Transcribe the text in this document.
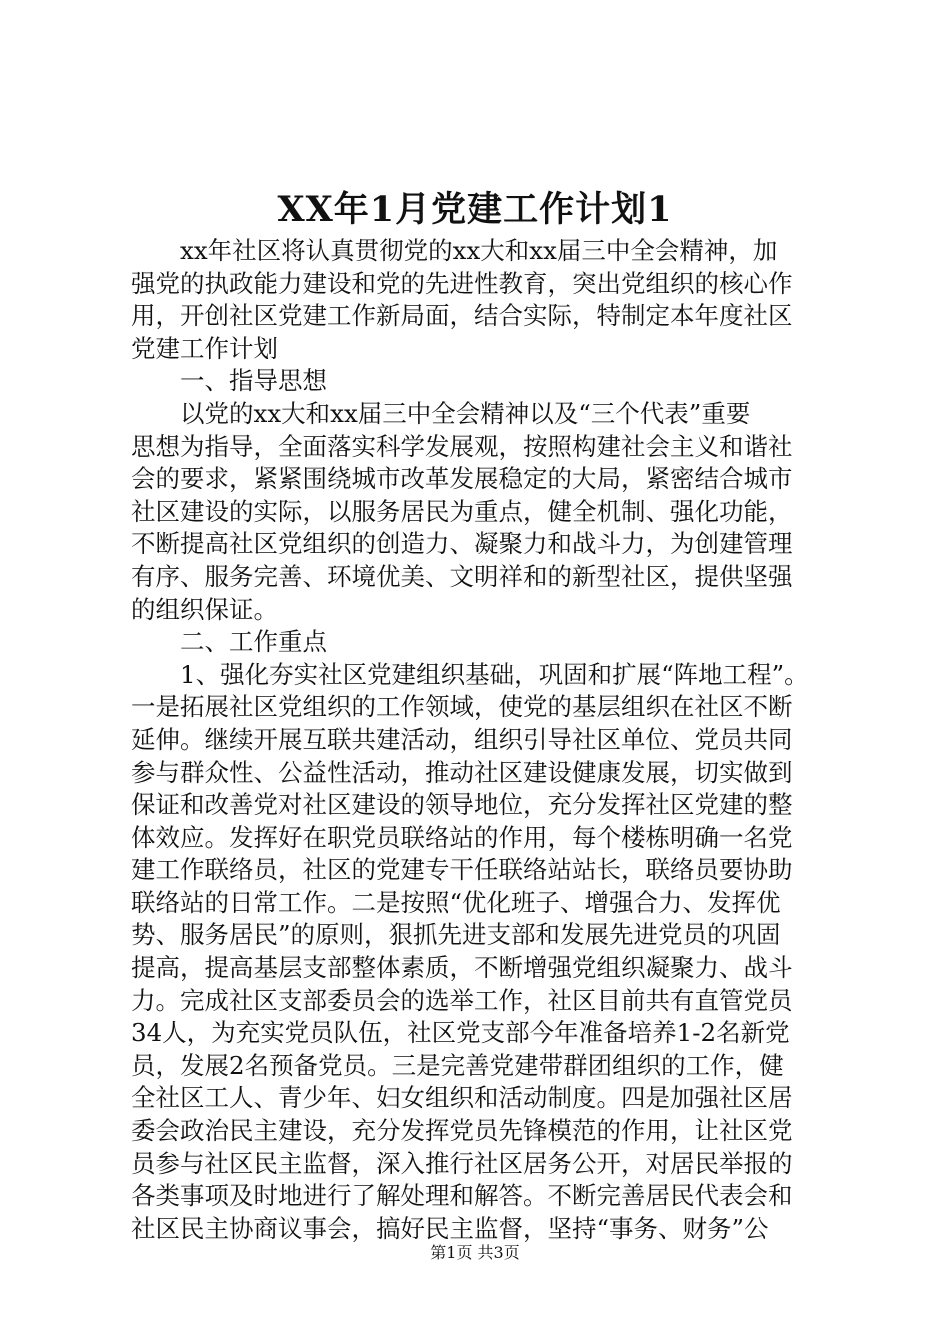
XX年1月党建工作计划1
　　xx年社区将认真贯彻党的xx大和xx届三中全会精神，加
强党的执政能力建设和党的先进性教育，突出党组织的核心作
用，开创社区党建工作新局面，结合实际，特制定本年度社区
党建工作计划
　　一、指导思想
　　以党的xx大和xx届三中全会精神以及“三个代表”重要
思想为指导，全面落实科学发展观，按照构建社会主义和谐社
会的要求，紧紧围绕城市改革发展稳定的大局，紧密结合城市
社区建设的实际，以服务居民为重点，健全机制、强化功能，
不断提高社区党组织的创造力、凝聚力和战斗力，为创建管理
有序、服务完善、环境优美、文明祥和的新型社区，提供坚强
的组织保证。
　　二、工作重点
　　1、强化夯实社区党建组织基础，巩固和扩展“阵地工程”。
一是拓展社区党组织的工作领域，使党的基层组织在社区不断
延伸。继续开展互联共建活动，组织引导社区单位、党员共同
参与群众性、公益性活动，推动社区建设健康发展，切实做到
保证和改善党对社区建设的领导地位，充分发挥社区党建的整
体效应。发挥好在职党员联络站的作用，每个楼栋明确一名党
建工作联络员，社区的党建专干任联络站站长，联络员要协助
联络站的日常工作。二是按照“优化班子、增强合力、发挥优
势、服务居民”的原则，狠抓先进支部和发展先进党员的巩固
提高，提高基层支部整体素质，不断增强党组织凝聚力、战斗
力。完成社区支部委员会的选举工作，社区目前共有直管党员
34人，为充实党员队伍，社区党支部今年准备培养1-2名新党
员，发展2名预备党员。三是完善党建带群团组织的工作，健
全社区工人、青少年、妇女组织和活动制度。四是加强社区居
委会政治民主建设，充分发挥党员先锋模范的作用，让社区党
员参与社区民主监督，深入推行社区居务公开，对居民举报的
各类事项及时地进行了解处理和解答。不断完善居民代表会和
社区民主协商议事会，搞好民主监督，坚持“事务、财务”公
第1页 共3页
